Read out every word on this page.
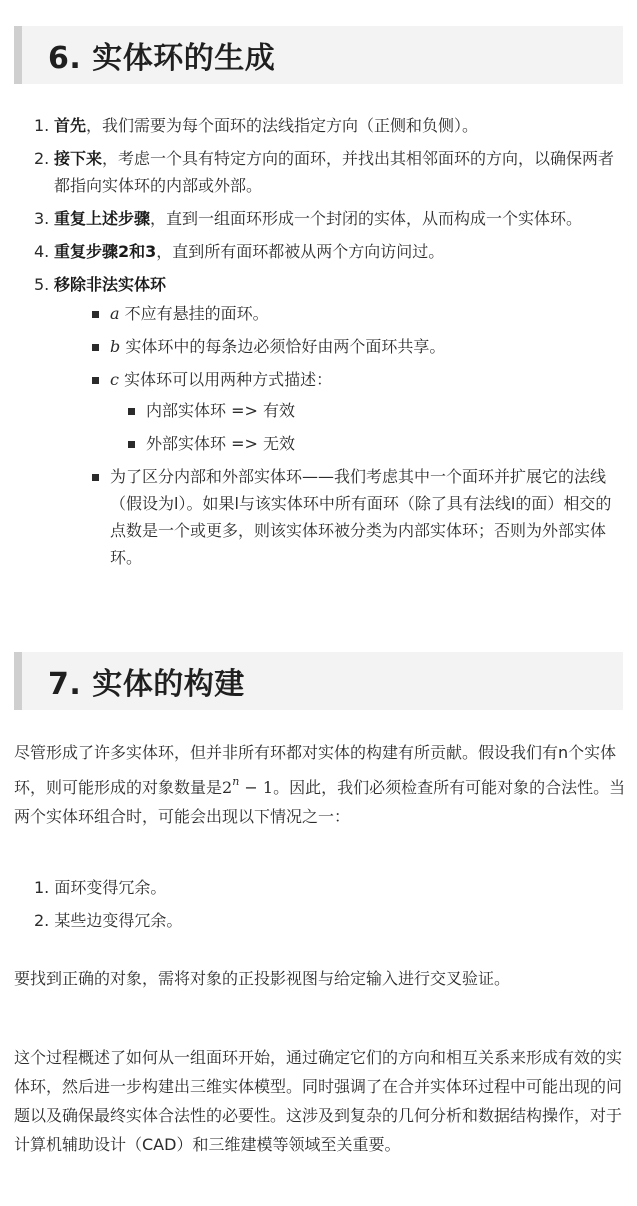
6. 实体环的生成
1. 首先，我们需要为每个面环的法线指定方向（正侧和负侧）。
2. 接下来，考虑一个具有特定方向的面环，并找出其相邻面环的方向，以确保两者都指向实体环的内部或外部。
3. 重复上述步骤，直到一组面环形成一个封闭的实体，从而构成一个实体环。
4. 重复步骤2和3，直到所有面环都被从两个方向访问过。
5. 移除非法实体环
a 不应有悬挂的面环。
b 实体环中的每条边必须恰好由两个面环共享。
c 实体环可以用两种方式描述：
内部实体环 => 有效
外部实体环 => 无效
为了区分内部和外部实体环——我们考虑其中一个面环并扩展它的法线（假设为l）。如果l与该实体环中所有面环（除了具有法线l的面）相交的点数是一个或更多，则该实体环被分类为内部实体环；否则为外部实体环。
7. 实体的构建

尽管形成了许多实体环，但并非所有环都对实体的构建有所贡献。假设我们有n个实体环，则可能形成的对象数量是$2^n - 1$。因此，我们必须检查所有可能对象的合法性。当两个实体环组合时，可能会出现以下情况之一：

1. 面环变得冗余。
2. 某些边变得冗余。

要找到正确的对象，需将对象的正投影视图与给定输入进行交叉验证。

这个过程概述了如何从一组面环开始，通过确定它们的方向和相互关系来形成有效的实体环，然后进一步构建出三维实体模型。同时强调了在合并实体环过程中可能出现的问题以及确保最终实体合法性的必要性。这涉及到复杂的几何分析和数据结构操作，对于计算机辅助设计（CAD）和三维建模等领域至关重要。
